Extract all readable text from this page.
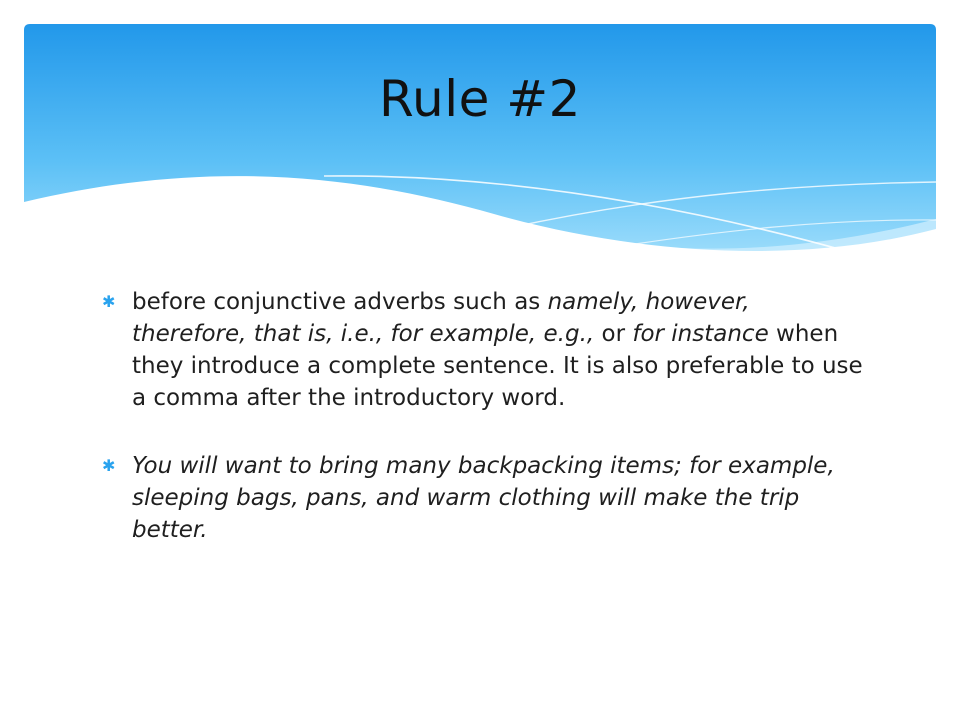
Rule #2
✱ before conjunctive adverbs such as namely, however, therefore, that is, i.e., for example, e.g., or for instance when they introduce a complete sentence. It is also preferable to use a comma after the introductory word.
✱ You will want to bring many backpacking items; for example, sleeping bags, pans, and warm clothing will make the trip better.
